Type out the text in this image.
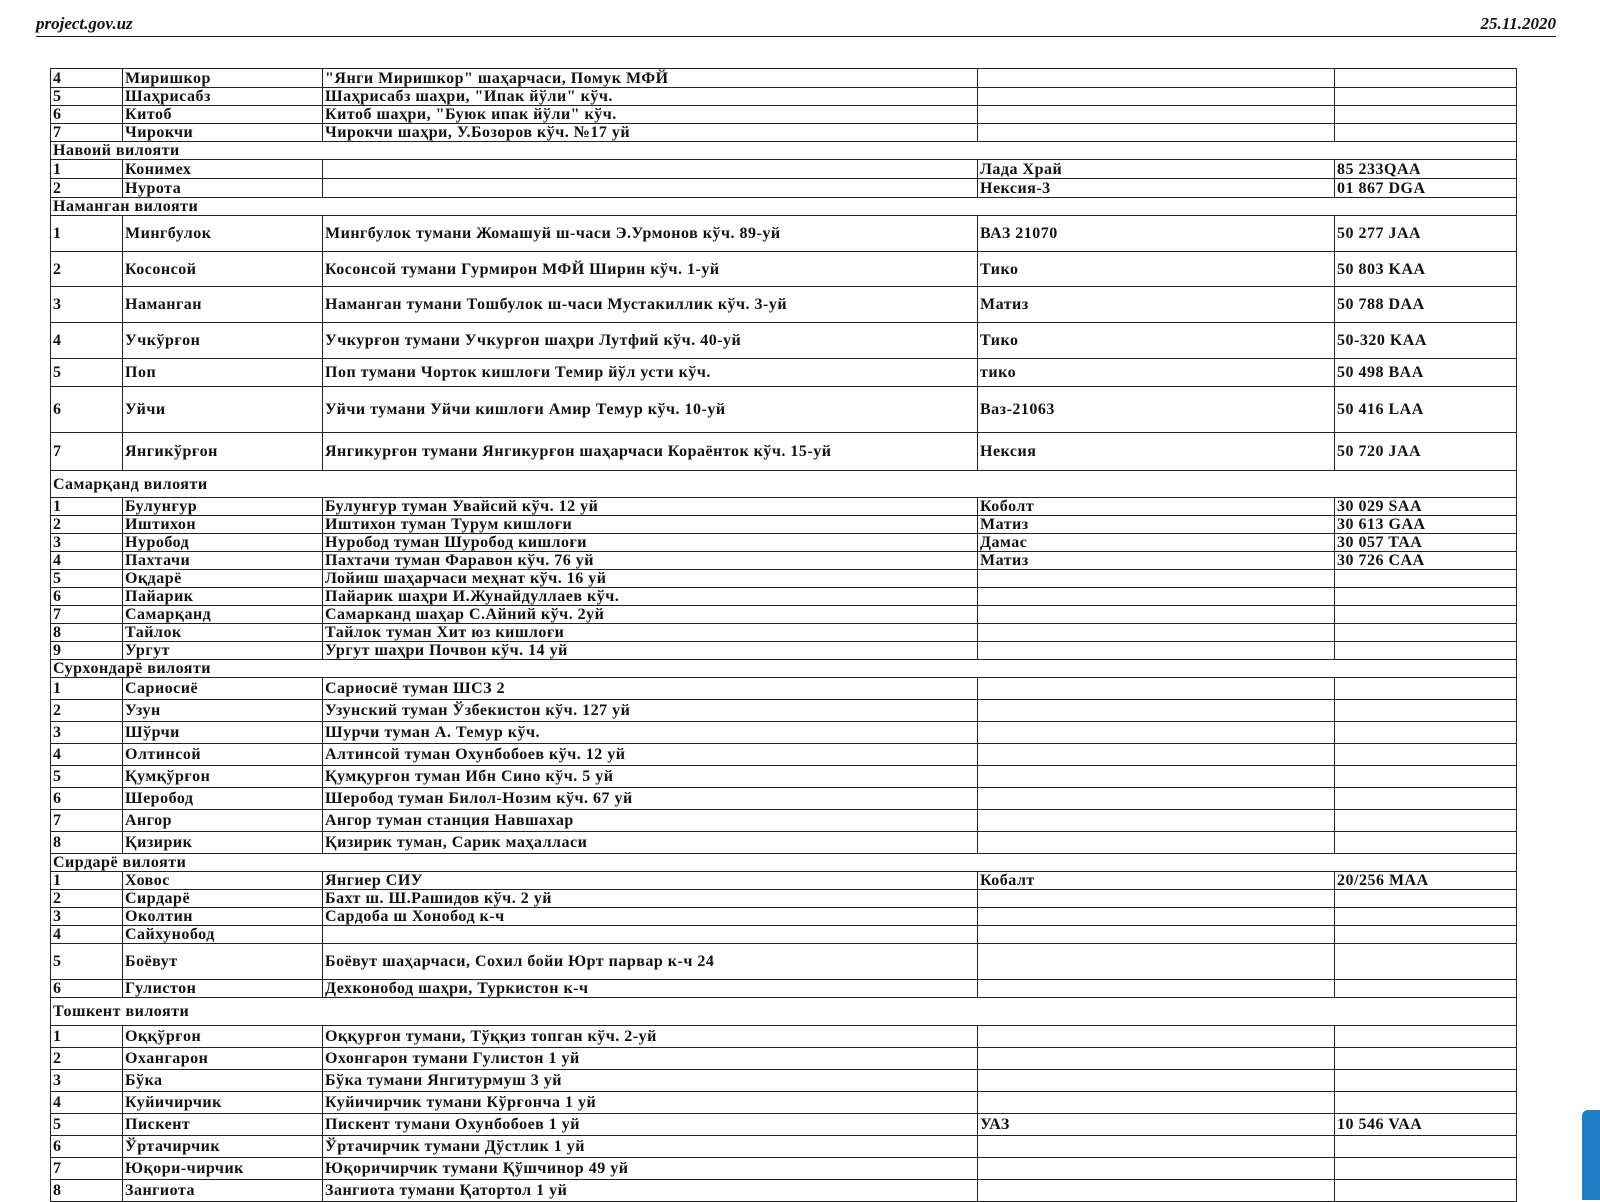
project.gov.uz	25.11.2020
4	Миришкор	"Янги Миришкор" шаҳарчаси, Помук МФЙ		
5	Шаҳрисабз	Шаҳрисабз шаҳри, "Ипак йўли" кўч.		
6	Китоб	Китоб шаҳри, "Буюк ипак йўли" кўч.		
7	Чирокчи	Чирокчи шаҳри, У.Бозоров кўч. №17 уй		
Навоий вилояти				
1	Конимех		Лада Храй	85 233QAA
2	Нурота		Нексия-3	01 867 DGA
Наманган вилояти				
1	Мингбулок	Мингбулок тумани Жомашуй ш-часи Э.Урмонов кўч. 89-уй	ВАЗ 21070	50 277 JAA
2	Косонсой	Косонсой тумани Гурмирон МФЙ Ширин кўч. 1-уй	Тико	50 803 KAA
3	Наманган	Наманган тумани Тошбулок ш-часи Мустакиллик кўч. 3-уй	Матиз	50 788 DAA
4	Учкўрғон	Учкурғон тумани Учкурғон шаҳри Лутфий кўч. 40-уй	Тико	50-320 KAA
5	Поп	Поп тумани Чорток кишлоғи Темир йўл усти кўч.	тико	50 498 BAA
6	Уйчи	Уйчи тумани Уйчи кишлоғи Амир Темур кўч. 10-уй	Ваз-21063	50 416 LAA
7	Янгикўрғон	Янгикурғон тумани Янгикурғон шаҳарчаси Кораёнток кўч. 15-уй	Нексия	50 720 JAA
Самарқанд вилояти				
1	Булунғур	Булунғур туман Увайсий кўч. 12 уй	Коболт	30 029 SAA
2	Иштихон	Иштихон туман Турум кишлоғи	Матиз	30 613 GAA
3	Нуробод	Нуробод туман Шуробод кишлоғи	Дамас	30 057 TAA
4	Пахтачи	Пахтачи туман Фаравон кўч. 76 уй	Матиз	30 726 CAA
5	Оқдарё	Лойиш шаҳарчаси меҳнат кўч. 16 уй		
6	Пайарик	Пайарик шаҳри И.Жунайдуллаев кўч.		
7	Самарқанд	Самарканд шаҳар С.Айний кўч. 2уй		
8	Тайлок	Тайлок туман Хит юз кишлоғи		
9	Ургут	Ургут шаҳри Почвон кўч. 14 уй		
Сурхондарё вилояти				
1	Сариосиё	Сариосиё туман ШСЗ 2		
2	Узун	Узунский туман Ўзбекистон кўч. 127 уй		
3	Шўрчи	Шурчи туман А. Темур кўч.		
4	Олтинсой	Алтинсой туман Охунбобоев кўч. 12 уй		
5	Қумқўрғон	Қумқурғон туман Ибн Сино кўч. 5 уй		
6	Шеробод	Шеробод туман Билол-Нозим кўч. 67 уй		
7	Ангор	Ангор туман станция Навшахар		
8	Қизирик	Қизирик туман, Сарик маҳалласи		
Сирдарё вилояти				
1	Ховос	Янгиер СИУ	Кобалт	20/256 MAA
2	Сирдарё	Бахт ш. Ш.Рашидов кўч. 2 уй		
3	Околтин	Сардоба ш Хонобод к-ч		
4	Сайхунобод			
5	Боёвут	Боёвут шаҳарчаси, Сохил бойи Юрт парвар к-ч 24		
6	Гулистон	Дехконобод шаҳри, Туркистон к-ч		
Тошкент вилояти				
1	Оққўрғон	Оққурғон тумани, Тўққиз топган кўч. 2-уй		
2	Охангарон	Охонгарон тумани Гулистон 1 уй		
3	Бўка	Бўка тумани Янгитурмуш 3 уй		
4	Куйичирчик	Куйичирчик тумани Кўрғонча 1 уй		
5	Пискент	Пискент тумани Охунбобоев 1 уй	УАЗ	10 546 VAA
6	Ўртачирчик	Ўртачирчик тумани Дўстлик 1 уй		
7	Юқори-чирчик	Юқоричирчик тумани Қўшчинор 49 уй		
8	Зангиота	Зангиота тумани Қатортол 1 уй		
